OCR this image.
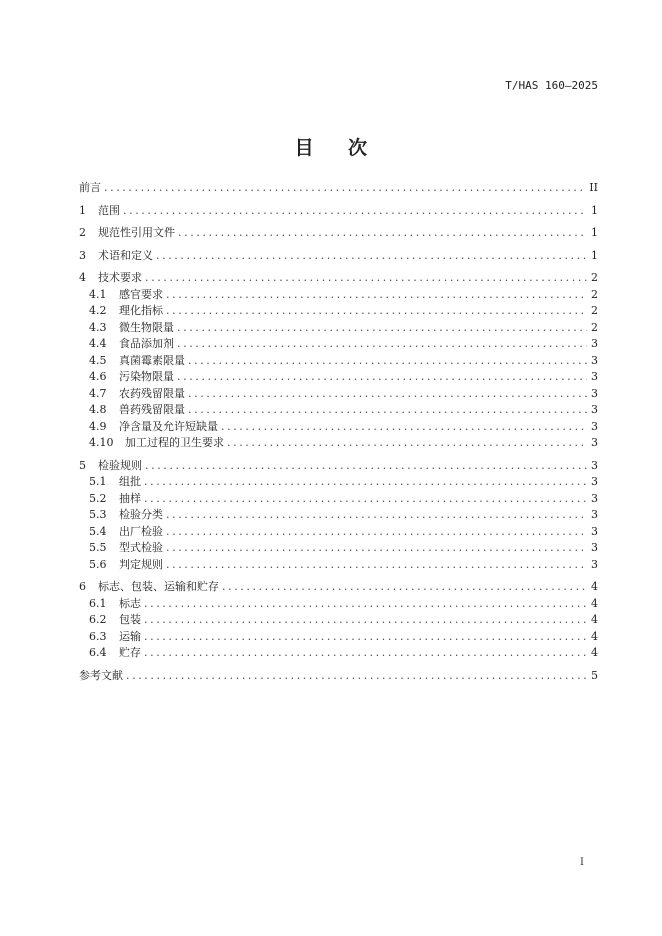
T/HAS 160—2025
目 次
前言 .....	II
1	范围 .....	1
2	规范性引用文件 .....	1
3	术语和定义 .....	1
4	技术要求 .....	2
4.1	感官要求 .....	2
4.2	理化指标 .....	2
4.3	微生物限量 .....	2
4.4	食品添加剂 .....	3
4.5	真菌霉素限量 .....	3
4.6	污染物限量 .....	3
4.7	农药残留限量 .....	3
4.8	兽药残留限量 .....	3
4.9	净含量及允许短缺量 .....	3
4.10	加工过程的卫生要求 .....	3
5	检验规则 .....	3
5.1	组批 .....	3
5.2	抽样 .....	3
5.3	检验分类 .....	3
5.4	出厂检验 .....	3
5.5	型式检验 .....	3
5.6	判定规则 .....	3
6	标志、包装、运输和贮存 .....	4
6.1	标志 .....	4
6.2	包装 .....	4
6.3	运输 .....	4
6.4	贮存 .....	4
参考文献 .....	5
I
